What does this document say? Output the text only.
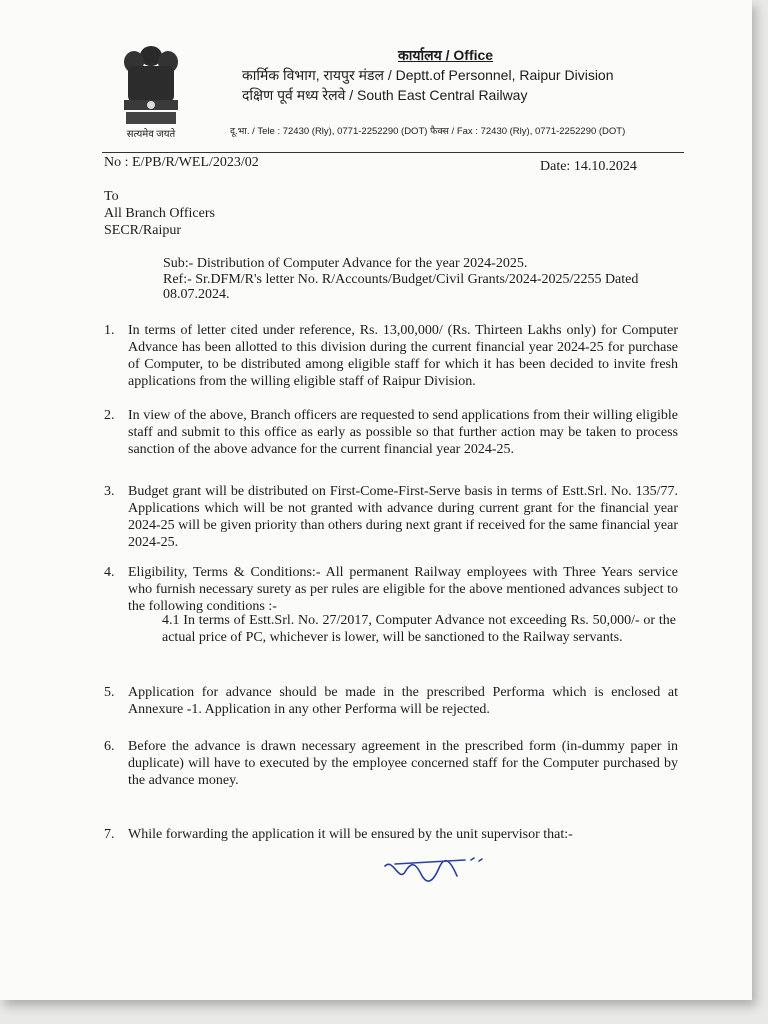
सत्यमेव जयते
कार्यालय / Office
कार्मिक विभाग, रायपुर मंडल / Deptt.of Personnel, Raipur Division
दक्षिण पूर्व मध्य रेलवे / South East Central Railway
दू.भा. / Tele : 72430 (Rly), 0771-2252290 (DOT) फैक्स / Fax : 72430 (Rly), 0771-2252290 (DOT)
No : E/PB/R/WEL/2023/02	Date: 14.10.2024
To
All Branch Officers
SECR/Raipur
Sub:- Distribution of Computer Advance for the year 2024-2025.
Ref:- Sr.DFM/R's letter No. R/Accounts/Budget/Civil Grants/2024-2025/2255 Dated 08.07.2024.
1. In terms of letter cited under reference, Rs. 13,00,000/ (Rs. Thirteen Lakhs only) for Computer Advance has been allotted to this division during the current financial year 2024-25 for purchase of Computer, to be distributed among eligible staff for which it has been decided to invite fresh applications from the willing eligible staff of Raipur Division.
2. In view of the above, Branch officers are requested to send applications from their willing eligible staff and submit to this office as early as possible so that further action may be taken to process sanction of the above advance for the current financial year 2024-25.
3. Budget grant will be distributed on First-Come-First-Serve basis in terms of Estt.Srl. No. 135/77. Applications which will be not granted with advance during current grant for the financial year 2024-25 will be given priority than others during next grant if received for the same financial year 2024-25.
4. Eligibility, Terms & Conditions:- All permanent Railway employees with Three Years service who furnish necessary surety as per rules are eligible for the above mentioned advances subject to the following conditions :-
4.1 In terms of Estt.Srl. No. 27/2017, Computer Advance not exceeding Rs. 50,000/- or the actual price of PC, whichever is lower, will be sanctioned to the Railway servants.
5. Application for advance should be made in the prescribed Performa which is enclosed at Annexure -1. Application in any other Performa will be rejected.
6. Before the advance is drawn necessary agreement in the prescribed form (in-dummy paper in duplicate) will have to executed by the employee concerned staff for the Computer purchased by the advance money.
7. While forwarding the application it will be ensured by the unit supervisor that:-
